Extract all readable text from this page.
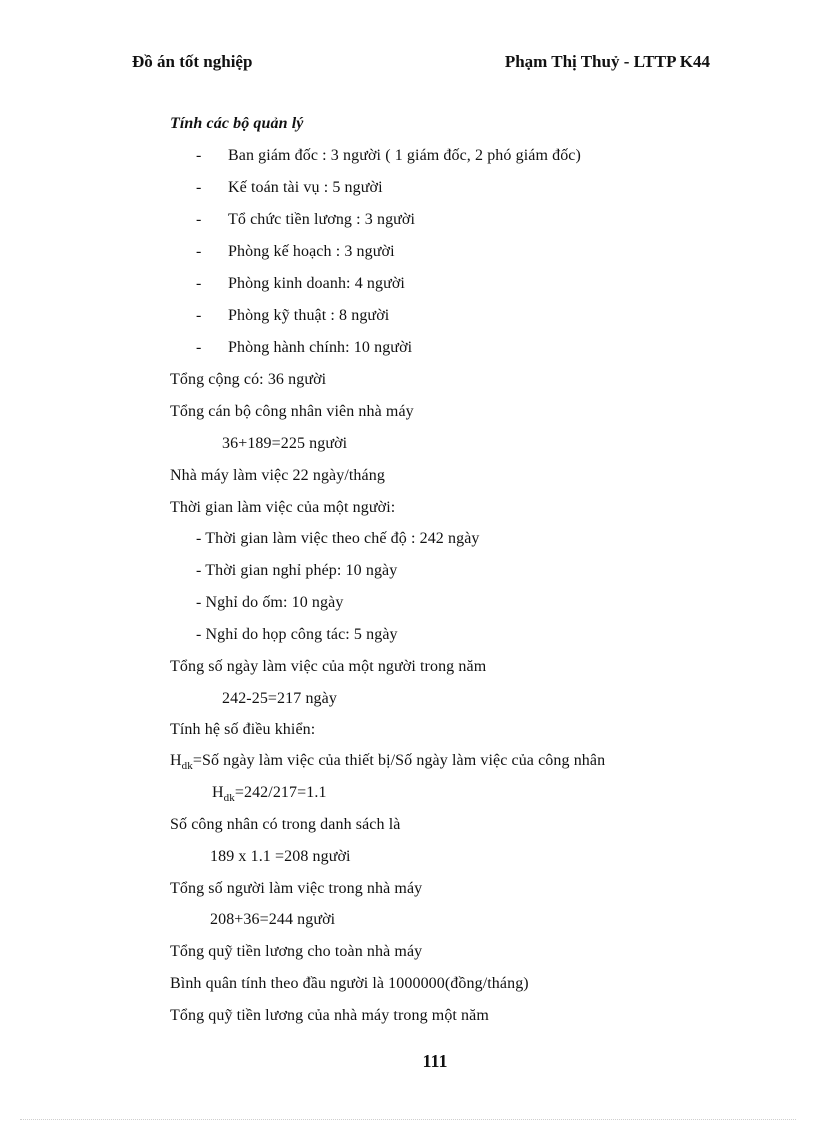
Đồ án tốt nghiệp	Phạm Thị Thuỷ - LTTP K44
Tính các bộ quản lý
- Ban giám đốc : 3 người ( 1 giám đốc, 2 phó giám đốc)
- Kế toán tài vụ : 5 người
- Tổ chức tiền lương : 3 người
- Phòng kế hoạch : 3 người
- Phòng kinh doanh: 4 người
- Phòng kỹ thuật : 8 người
- Phòng hành chính: 10 người
Tổng cộng có: 36 người
Tổng cán bộ công nhân viên nhà máy
36+189=225 người
Nhà máy làm việc 22 ngày/tháng
Thời gian làm việc của một người:
- Thời gian làm việc theo chế độ : 242 ngày
- Thời gian nghỉ phép: 10 ngày
- Nghỉ do ốm: 10 ngày
- Nghỉ do họp công tác: 5 ngày
Tổng số ngày làm việc của một người trong năm
242-25=217 ngày
Tính hệ số điều khiển:
$H_{dk}=Số$ ngày làm việc của thiết bị/Số ngày làm việc của công nhân
$H_{dk}=242/217=1.1$
Số công nhân có trong danh sách là
189 x 1.1 =208 người
Tổng số người làm việc trong nhà máy
208+36=244 người
Tổng quỹ tiền lương cho toàn nhà máy
Bình quân tính theo đầu người là 1000000(đồng/tháng)
Tổng quỹ tiền lương của nhà máy trong một năm
111
